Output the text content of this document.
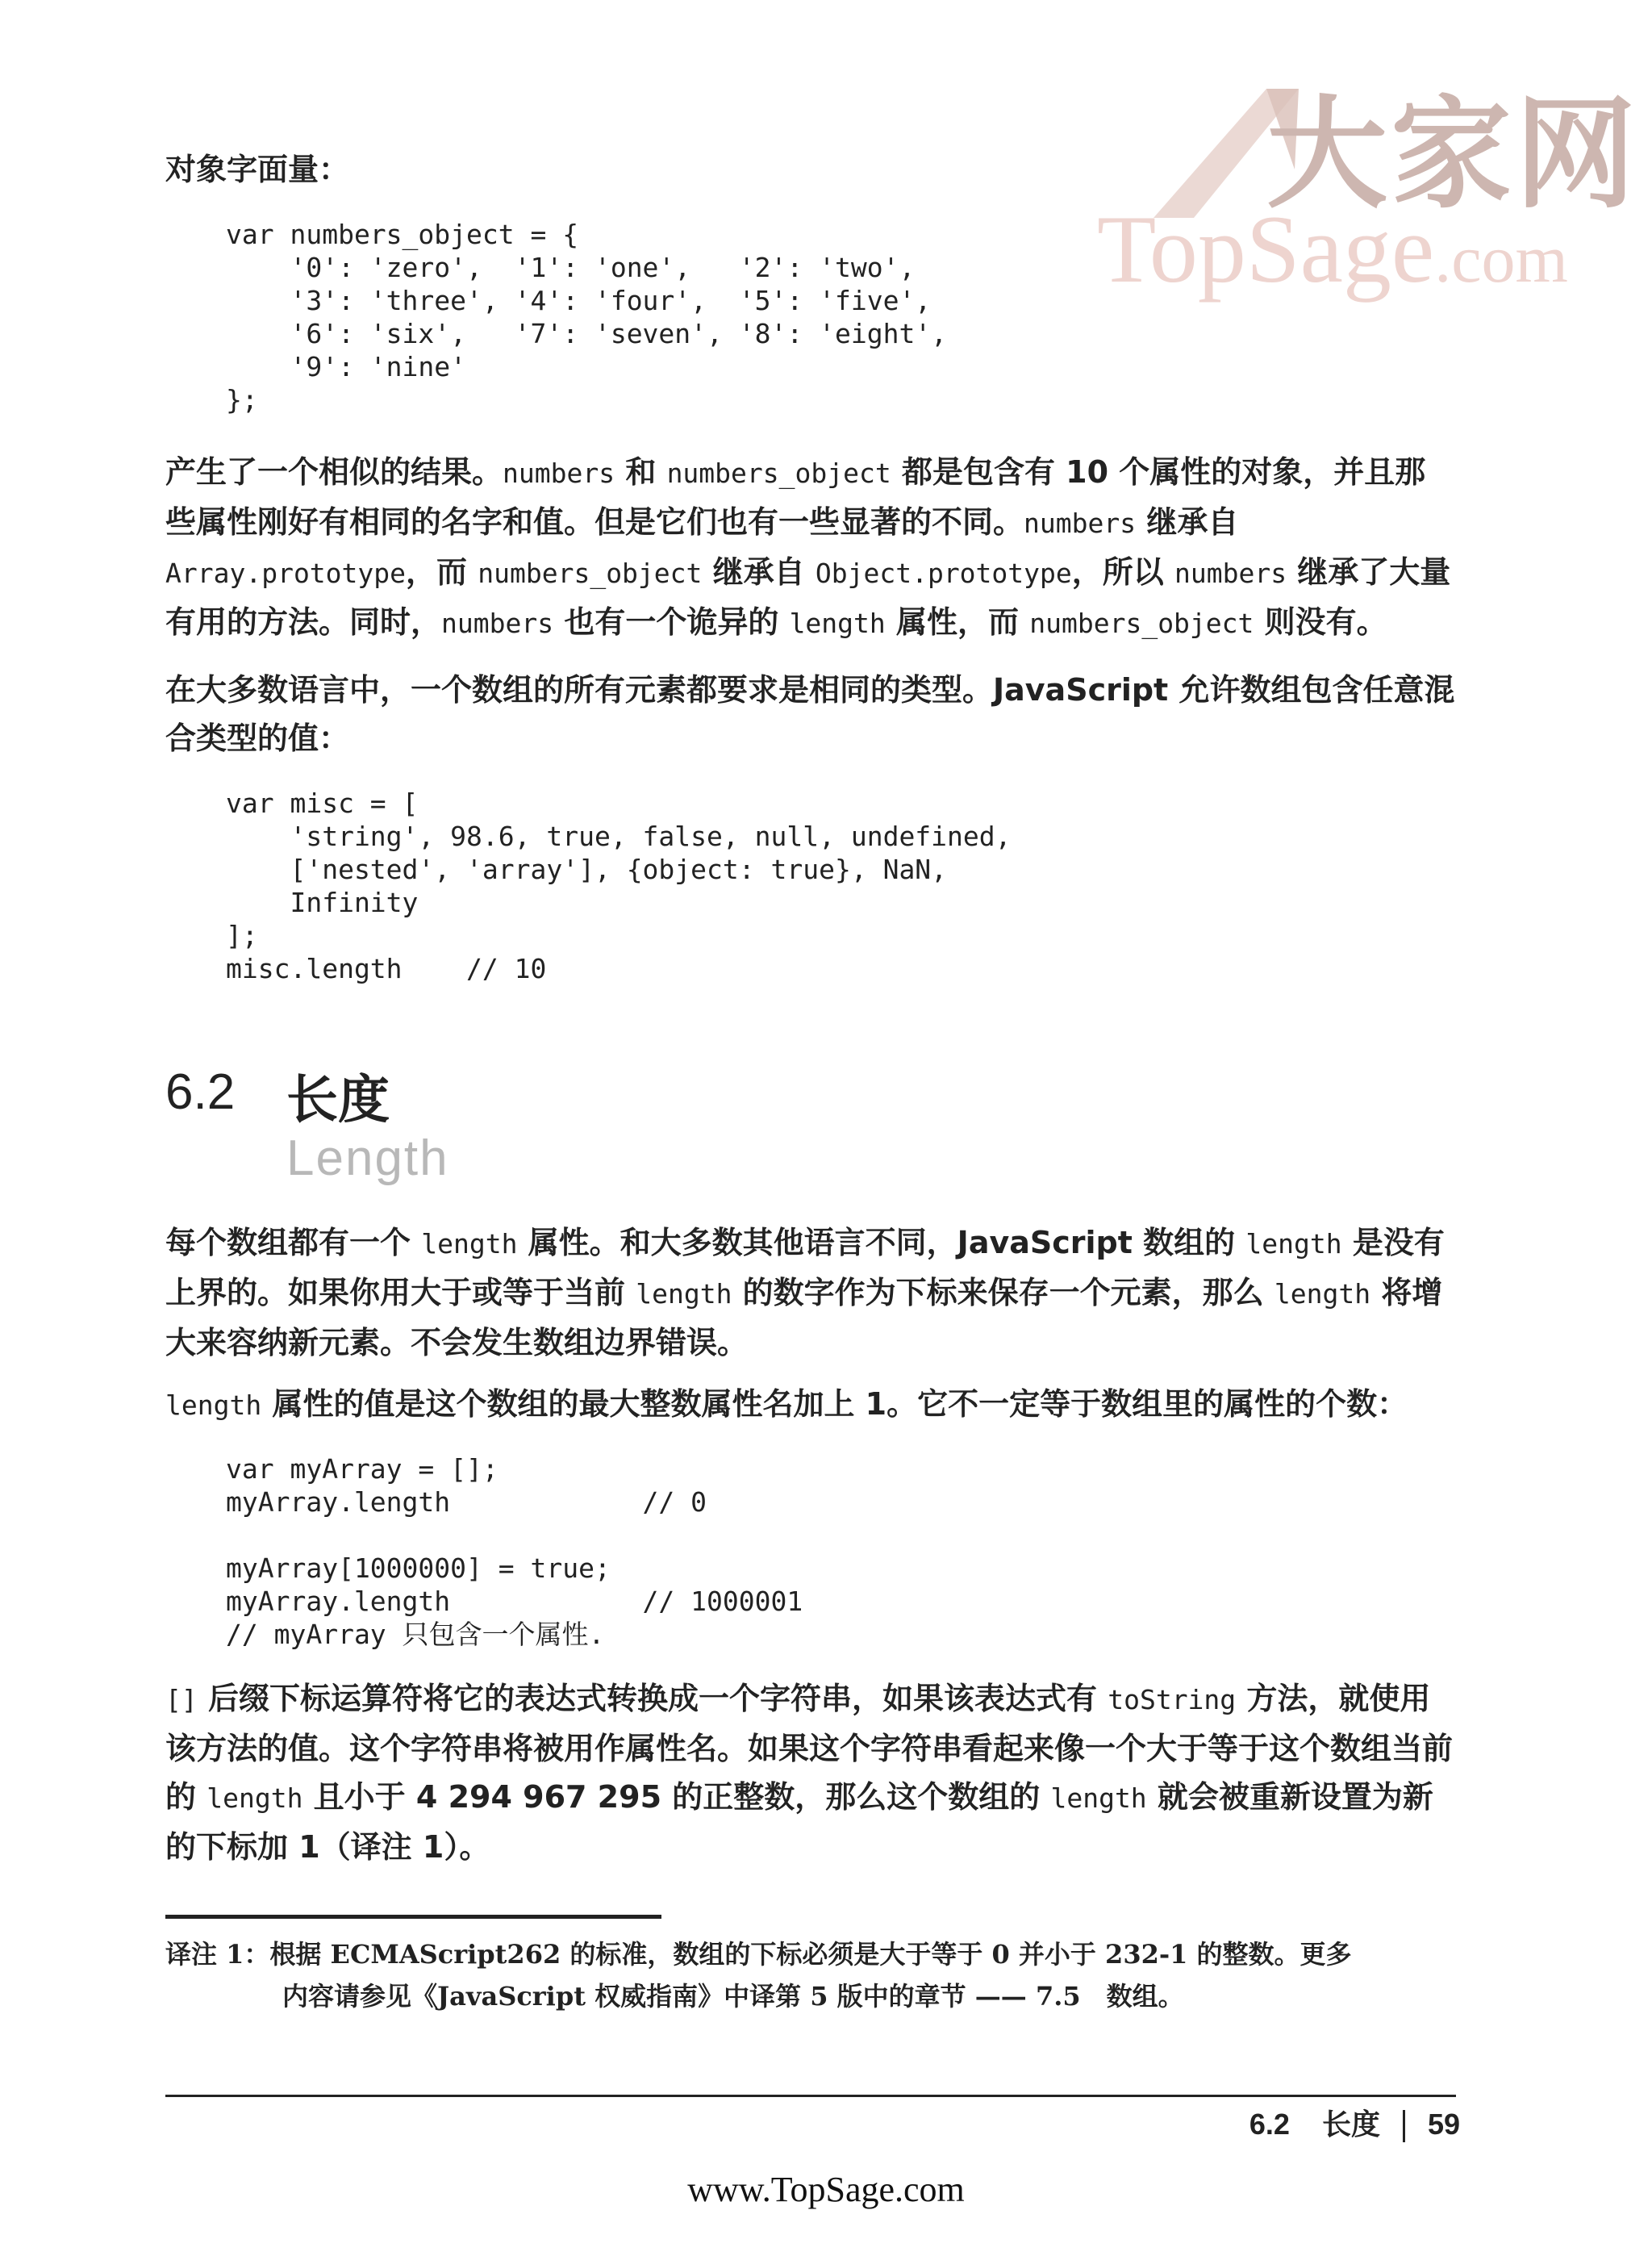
大家网
TopSage.com
对象字面量：
var numbers_object = {
'0': 'zero',  '1': 'one',   '2': 'two',
'3': 'three', '4': 'four',  '5': 'five',
'6': 'six',   '7': 'seven', '8': 'eight',
'9': 'nine'
};
产生了一个相似的结果。numbers 和 numbers_object 都是包含有 10 个属性的对象，并且那些属性刚好有相同的名字和值。但是它们也有一些显著的不同。numbers 继承自 Array.prototype，而 numbers_object 继承自 Object.prototype，所以 numbers 继承了大量有用的方法。同时，numbers 也有一个诡异的 length 属性，而 numbers_object 则没有。
在大多数语言中，一个数组的所有元素都要求是相同的类型。JavaScript 允许数组包含任意混合类型的值：
var misc = [
'string', 98.6, true, false, null, undefined,
['nested', 'array'], {object: true}, NaN,
Infinity
];
misc.length    // 10
6.2 长度
Length
每个数组都有一个 length 属性。和大多数其他语言不同，JavaScript 数组的 length 是没有上界的。如果你用大于或等于当前 length 的数字作为下标来保存一个元素，那么 length 将增大来容纳新元素。不会发生数组边界错误。
length 属性的值是这个数组的最大整数属性名加上 1。它不一定等于数组里的属性的个数：
var myArray = [];
myArray.length            // 0

myArray[1000000] = true;
myArray.length            // 1000001
// myArray 只包含一个属性.
[] 后缀下标运算符将它的表达式转换成一个字符串，如果该表达式有 toString 方法，就使用该方法的值。这个字符串将被用作属性名。如果这个字符串看起来像一个大于等于这个数组当前的 length 且小于 4 294 967 295 的正整数，那么这个数组的 length 就会被重新设置为新的下标加 1（译注 1）。
译注 1：根据 ECMAScript262 的标准，数组的下标必须是大于等于 0 并小于 232-1 的整数。更多
内容请参见《JavaScript 权威指南》中译第 5 版中的章节 —— 7.5　数组。
6.2 长度 59
www.TopSage.com
